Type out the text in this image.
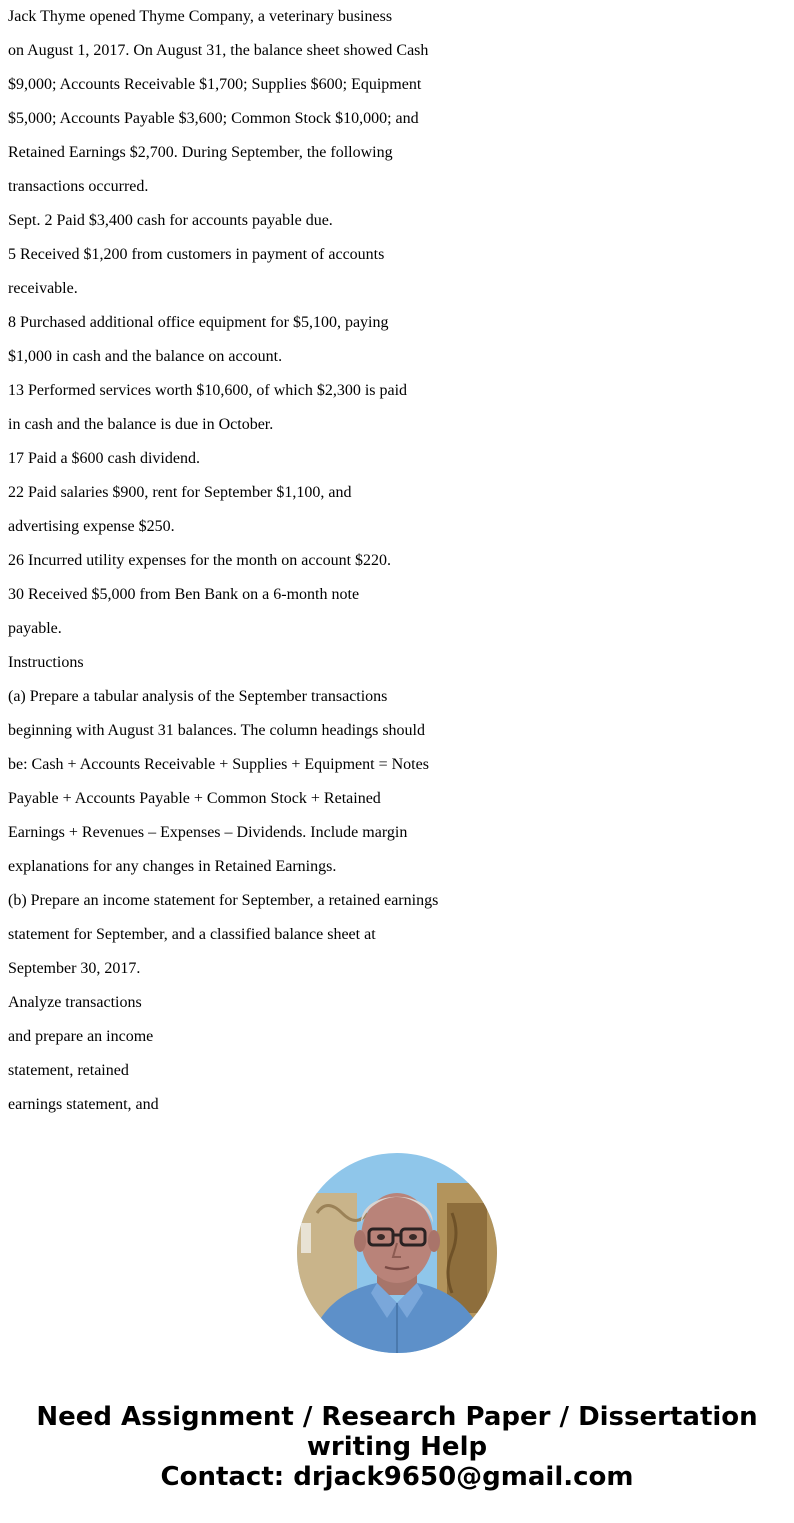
Jack Thyme opened Thyme Company, a veterinary business

on August 1, 2017. On August 31, the balance sheet showed Cash

$9,000; Accounts Receivable $1,700; Supplies $600; Equipment

$5,000; Accounts Payable $3,600; Common Stock $10,000; and

Retained Earnings $2,700. During September, the following

transactions occurred.

Sept. 2 Paid $3,400 cash for accounts payable due.

5 Received $1,200 from customers in payment of accounts

receivable.

8 Purchased additional office equipment for $5,100, paying

$1,000 in cash and the balance on account.

13 Performed services worth $10,600, of which $2,300 is paid

in cash and the balance is due in October.

17 Paid a $600 cash dividend.

22 Paid salaries $900, rent for September $1,100, and

advertising expense $250.

26 Incurred utility expenses for the month on account $220.

30 Received $5,000 from Ben Bank on a 6-month note

payable.

Instructions

(a) Prepare a tabular analysis of the September transactions

beginning with August 31 balances. The column headings should

be: Cash + Accounts Receivable + Supplies + Equipment = Notes

Payable + Accounts Payable + Common Stock + Retained

Earnings + Revenues – Expenses – Dividends. Include margin

explanations for any changes in Retained Earnings.

(b) Prepare an income statement for September, a retained earnings

statement for September, and a classified balance sheet at

September 30, 2017.

Analyze transactions

and prepare an income

statement, retained

earnings statement, and

Need Assignment / Research Paper / Dissertation
writing Help
Contact: drjack9650@gmail.com
